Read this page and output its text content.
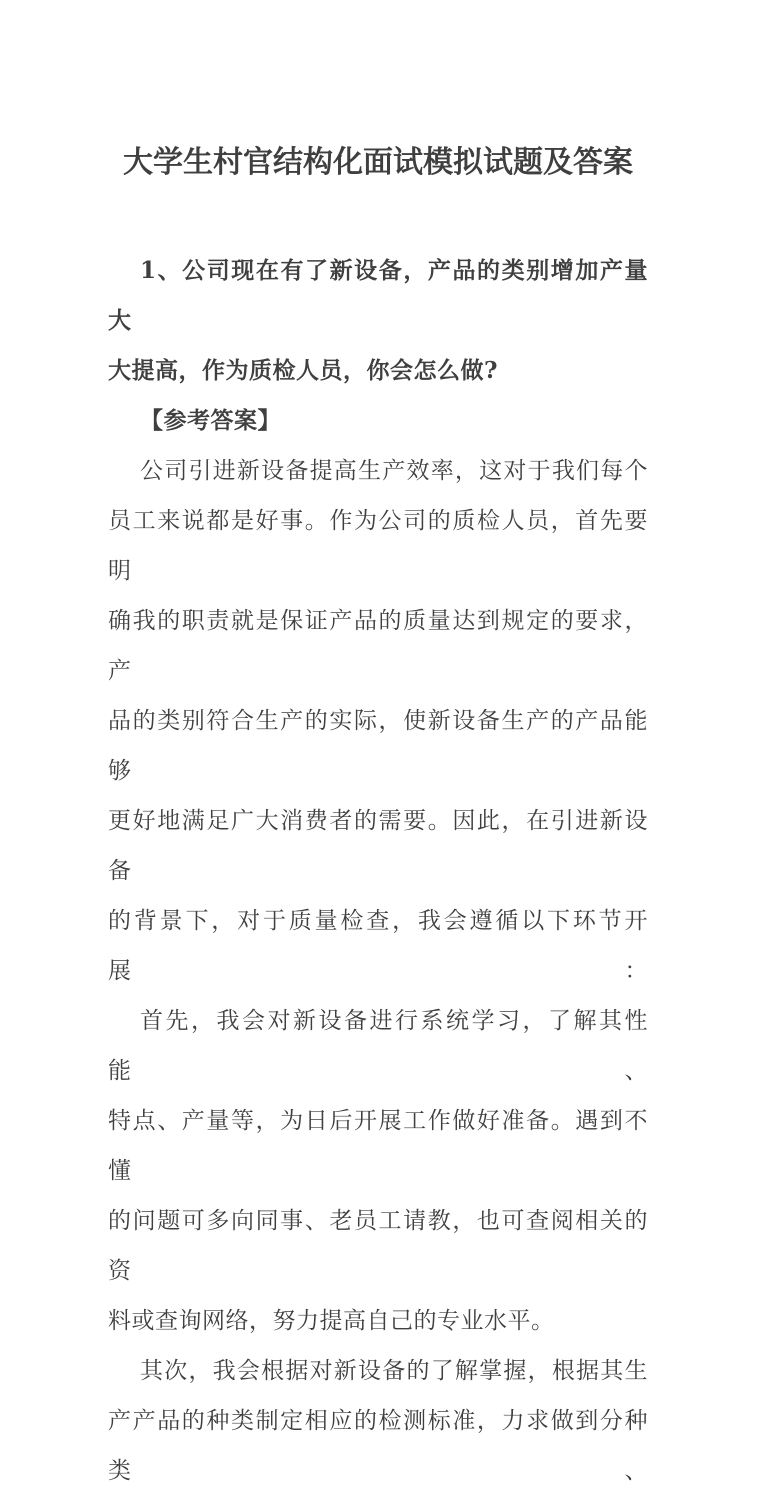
大学生村官结构化面试模拟试题及答案
1、公司现在有了新设备，产品的类别增加产量大
大提高，作为质检人员，你会怎么做?
【参考答案】
公司引进新设备提高生产效率，这对于我们每个
员工来说都是好事。作为公司的质检人员，首先要明
确我的职责就是保证产品的质量达到规定的要求，产
品的类别符合生产的实际，使新设备生产的产品能够
更好地满足广大消费者的需要。因此，在引进新设备
的背景下，对于质量检查，我会遵循以下环节开展：
首先，我会对新设备进行系统学习，了解其性能、
特点、产量等，为日后开展工作做好准备。遇到不懂
的问题可多向同事、老员工请教，也可查阅相关的资
料或查询网络，努力提高自己的专业水平。
其次，我会根据对新设备的了解掌握，根据其生
产产品的种类制定相应的检测标准，力求做到分种类、
